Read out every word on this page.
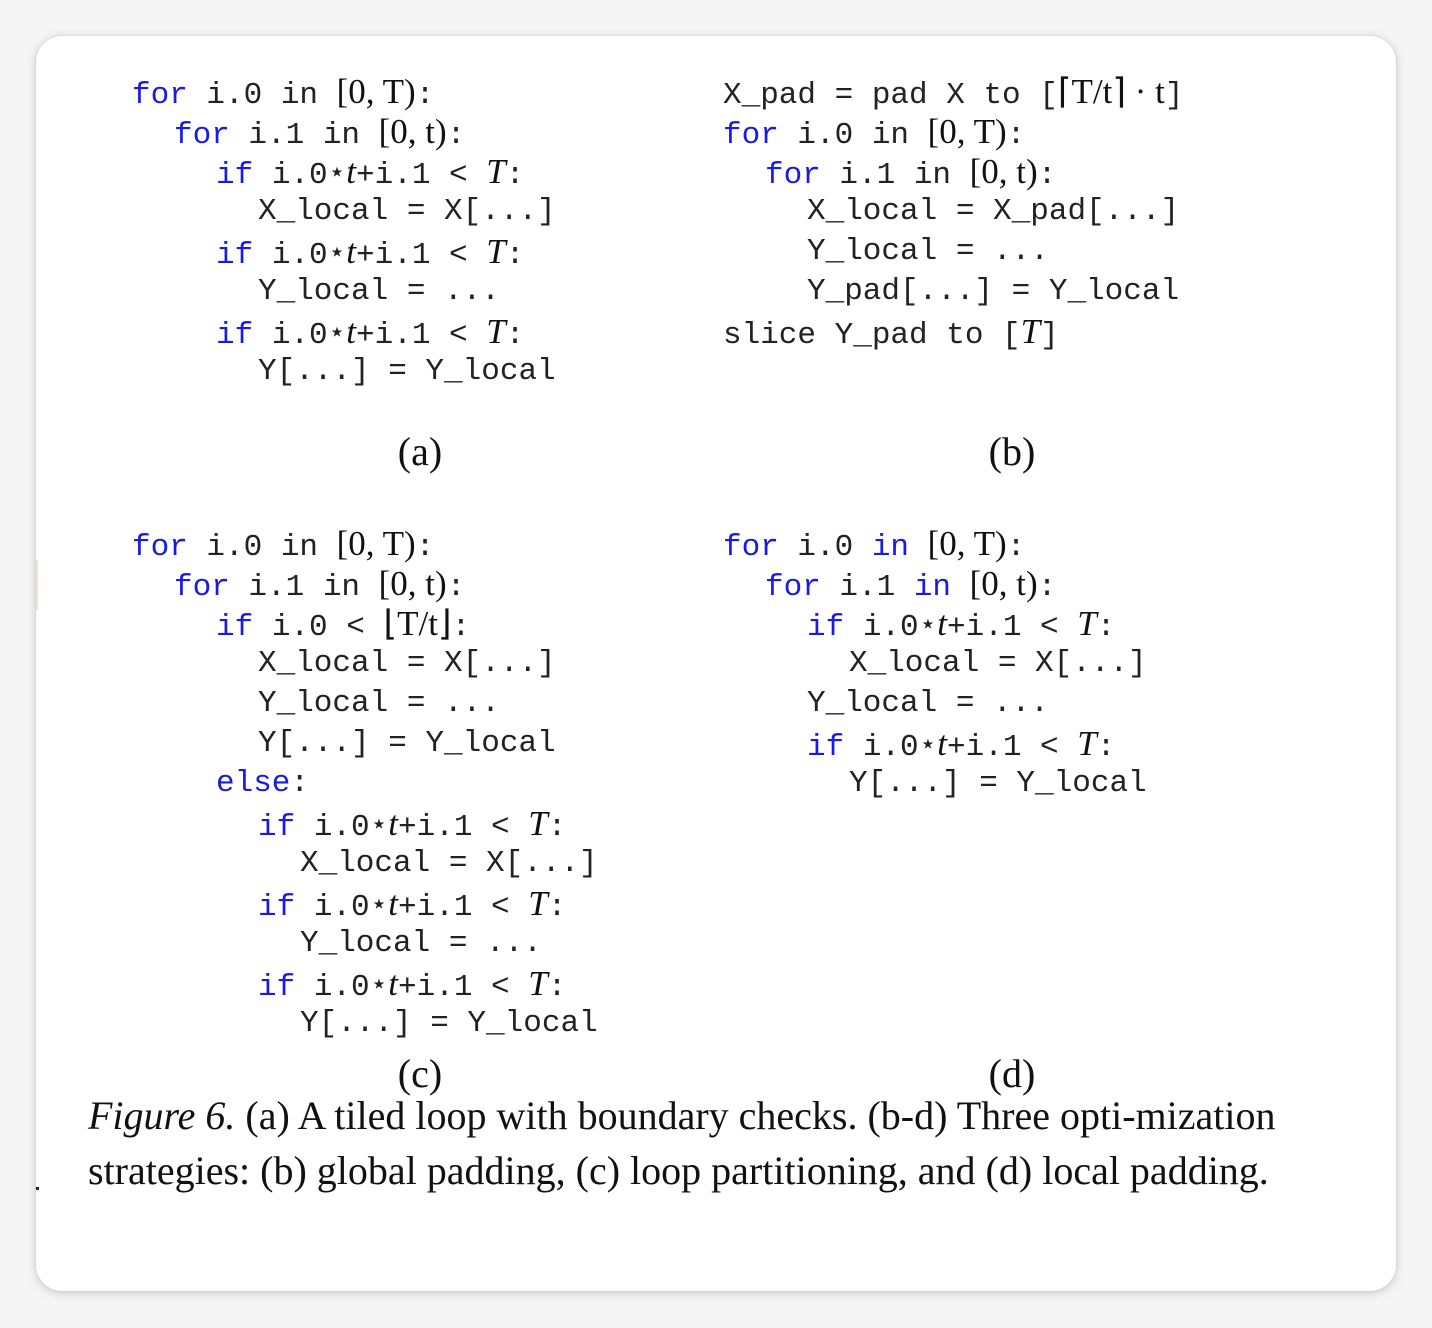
for i.0 in [0, T):
for i.1 in [0, t):
if i.0⋆t+i.1 < T:
X_local = X[...]
if i.0⋆t+i.1 < T:
Y_local = ...
if i.0⋆t+i.1 < T:
Y[...] = Y_local
(a)
X_pad = pad X to [⌈T/t⌉ · t]
for i.0 in [0, T):
for i.1 in [0, t):
X_local = X_pad[...]
Y_local = ...
Y_pad[...] = Y_local
slice Y_pad to [T]
(b)
for i.0 in [0, T):
for i.1 in [0, t):
if i.0 < ⌊T/t⌋:
X_local = X[...]
Y_local = ...
Y[...] = Y_local
else:
if i.0⋆t+i.1 < T:
X_local = X[...]
if i.0⋆t+i.1 < T:
Y_local = ...
if i.0⋆t+i.1 < T:
Y[...] = Y_local
(c)
for i.0 in [0, T):
for i.1 in [0, t):
if i.0⋆t+i.1 < T:
X_local = X[...]
Y_local = ...
if i.0⋆t+i.1 < T:
Y[...] = Y_local
(d)
Figure 6. (a) A tiled loop with boundary checks. (b-d) Three opti-mization strategies: (b) global padding, (c) loop partitioning, and (d) local padding.
